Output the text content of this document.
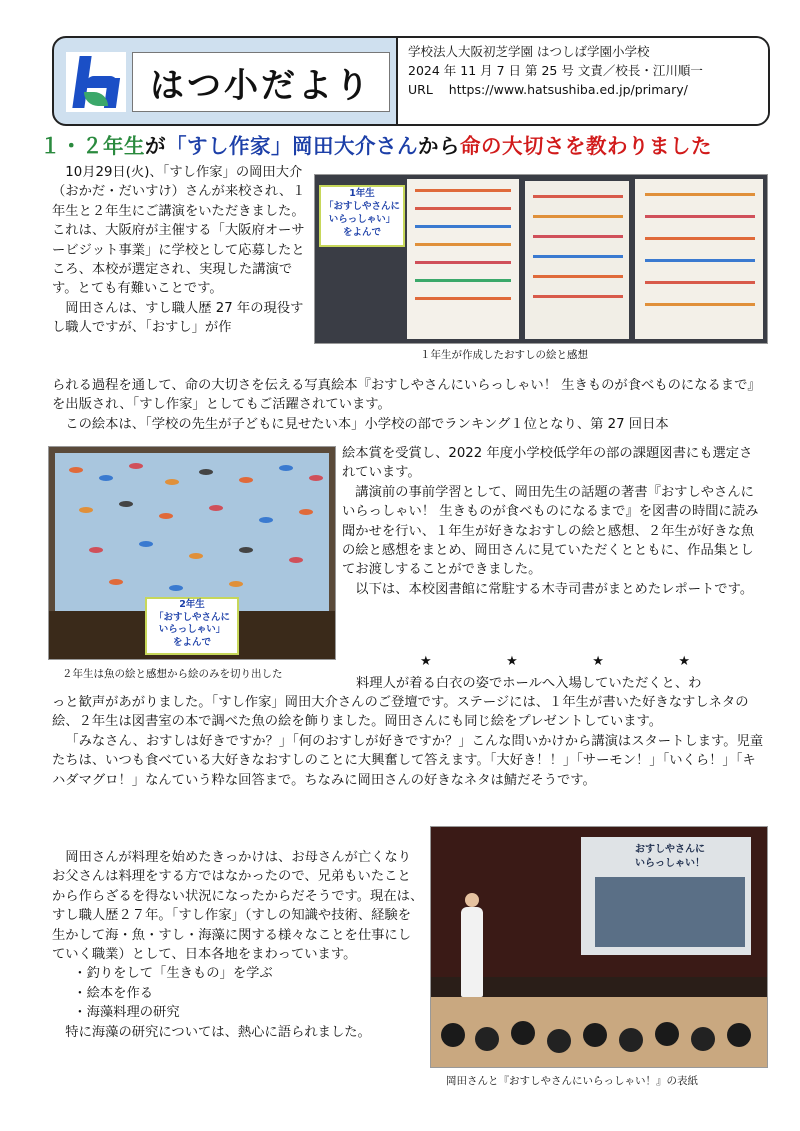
はつ小だより
学校法人大阪初芝学園 はつしば学園小学校
2024 年 11 月 7 日 第 25 号 文責／校長・江川順一
URL https://www.hatsushiba.ed.jp/primary/
１・２年生が「すし作家」岡田大介さんから命の大切さを教わりました

10月29日(火)、「すし作家」の岡田大介（おかだ・だいすけ）さんが来校され、１年生と２年生にご講演をいただきました。これは、大阪府が主催する「大阪府オーサービジット事業」に学校として応募したところ、本校が選定され、実現した講演です。とても有難いことです。

岡田さんは、すし職人歴 27 年の現役すし職人ですが、「おすし」が作

られる過程を通して、命の大切さを伝える写真絵本『おすしやさんにいらっしゃい！ 生きものが食べものになるまで』を出版され、「すし作家」としてもご活躍されています。

この絵本は、「学校の先生が子どもに見せたい本」小学校の部でランキング１位となり、第 27 回日本

絵本賞を受賞し、2022 年度小学校低学年の部の課題図書にも選定されています。

講演前の事前学習として、岡田先生の話題の著書『おすしやさんにいらっしゃい！ 生きものが食べものになるまで』を図書の時間に読み聞かせを行い、１年生が好きなおすしの絵と感想、２年生が好きな魚の絵と感想をまとめ、岡田さんに見ていただくとともに、作品集としてお渡しすることができました。

以下は、本校図書館に常駐する木寺司書がまとめたレポートです。

★	★	★	★

料理人が着る白衣の姿でホールへ入場していただくと、わ

っと歓声があがりました。「すし作家」岡田大介さんのご登壇です。ステージには、１年生が書いた好きなすしネタの絵、２年生は図書室の本で調べた魚の絵を飾りました。岡田さんにも同じ絵をプレゼントしています。

「みなさん、おすしは好きですか？」「何のおすしが好きですか？」こんな問いかけから講演はスタートします。児童たちは、いつも食べている大好きなおすしのことに大興奮して答えます。「大好き！！」「サーモン！」「いくら！」「キハダマグロ！」なんていう粋な回答まで。ちなみに岡田さんの好きなネタは鯖だそうです。

岡田さんが料理を始めたきっかけは、お母さんが亡くなりお父さんは料理をする方ではなかったので、兄弟もいたことから作らざるを得ない状況になったからだそうです。現在は、すし職人歴２７年。「すし作家」（すしの知識や技術、経験を生かして海・魚・すし・海藻に関する様々なことを仕事にしていく職業）として、日本各地をまわっています。

・ 釣りをして「生きもの」を学ぶ
・ 絵本を作る
・ 海藻料理の研究

特に海藻の研究については、熱心に語られました。

1年生
「おすしやさんに
いらっしゃい」
をよんで
１年生が作成したおすしの絵と感想
2年生
「おすしやさんに
いらっしゃい」
をよんで
２年生は魚の絵と感想から絵のみを切り出した
おすしやさんに
いらっしゃい！
岡田さんと『おすしやさんにいらっしゃい！』の表紙
